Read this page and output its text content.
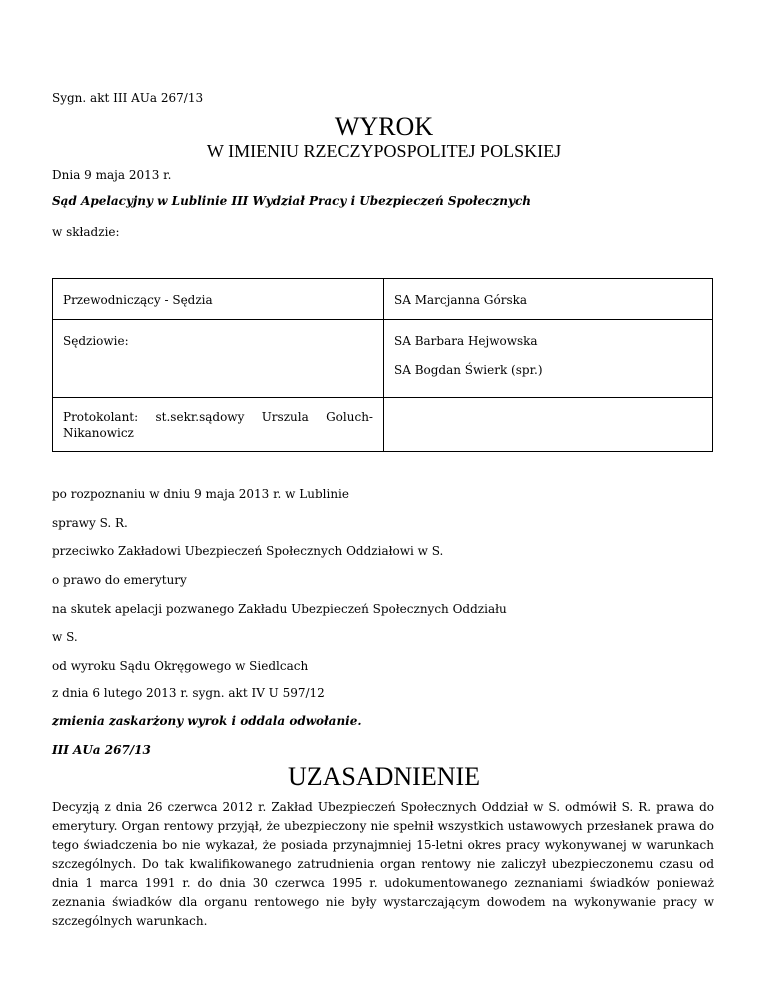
Sygn. akt III AUa 267/13
WYROK
W IMIENIU RZECZYPOSPOLITEJ POLSKIEJ
Dnia 9 maja 2013 r.
Sąd Apelacyjny w Lublinie III Wydział Pracy i Ubezpieczeń Społecznych
w składzie:
Przewodniczący - Sędzia	SA Marcjanna Górska

Sędziowie:	SA Barbara Hejwowska
SA Bogdan Świerk (spr.)

Protokolant: st.sekr.sądowy Urszula Goluch-
Nikanowicz	

po rozpoznaniu w dniu 9 maja 2013 r. w Lublinie
sprawy S. R.
przeciwko Zakładowi Ubezpieczeń Społecznych Oddziałowi w S.
o prawo do emerytury
na skutek apelacji pozwanego Zakładu Ubezpieczeń Społecznych Oddziału
w S.
od wyroku Sądu Okręgowego w Siedlcach
z dnia 6 lutego 2013 r. sygn. akt IV U 597/12
zmienia zaskarżony wyrok i oddala odwołanie.
III AUa 267/13
UZASADNIENIE
Decyzją z dnia 26 czerwca 2012 r. Zakład Ubezpieczeń Społecznych Oddział w S. odmówił S. R. prawa do emerytury. Organ rentowy przyjął, że ubezpieczony nie spełnił wszystkich ustawowych przesłanek prawa do tego świadczenia bo nie wykazał, że posiada przynajmniej 15-letni okres pracy wykonywanej w warunkach szczególnych. Do tak kwalifikowanego zatrudnienia organ rentowy nie zaliczył ubezpieczonemu czasu od dnia 1 marca 1991 r. do dnia 30 czerwca 1995 r. udokumentowanego zeznaniami świadków ponieważ zeznania świadków dla organu rentowego nie były wystarczającym dowodem na wykonywanie pracy w szczególnych warunkach.
